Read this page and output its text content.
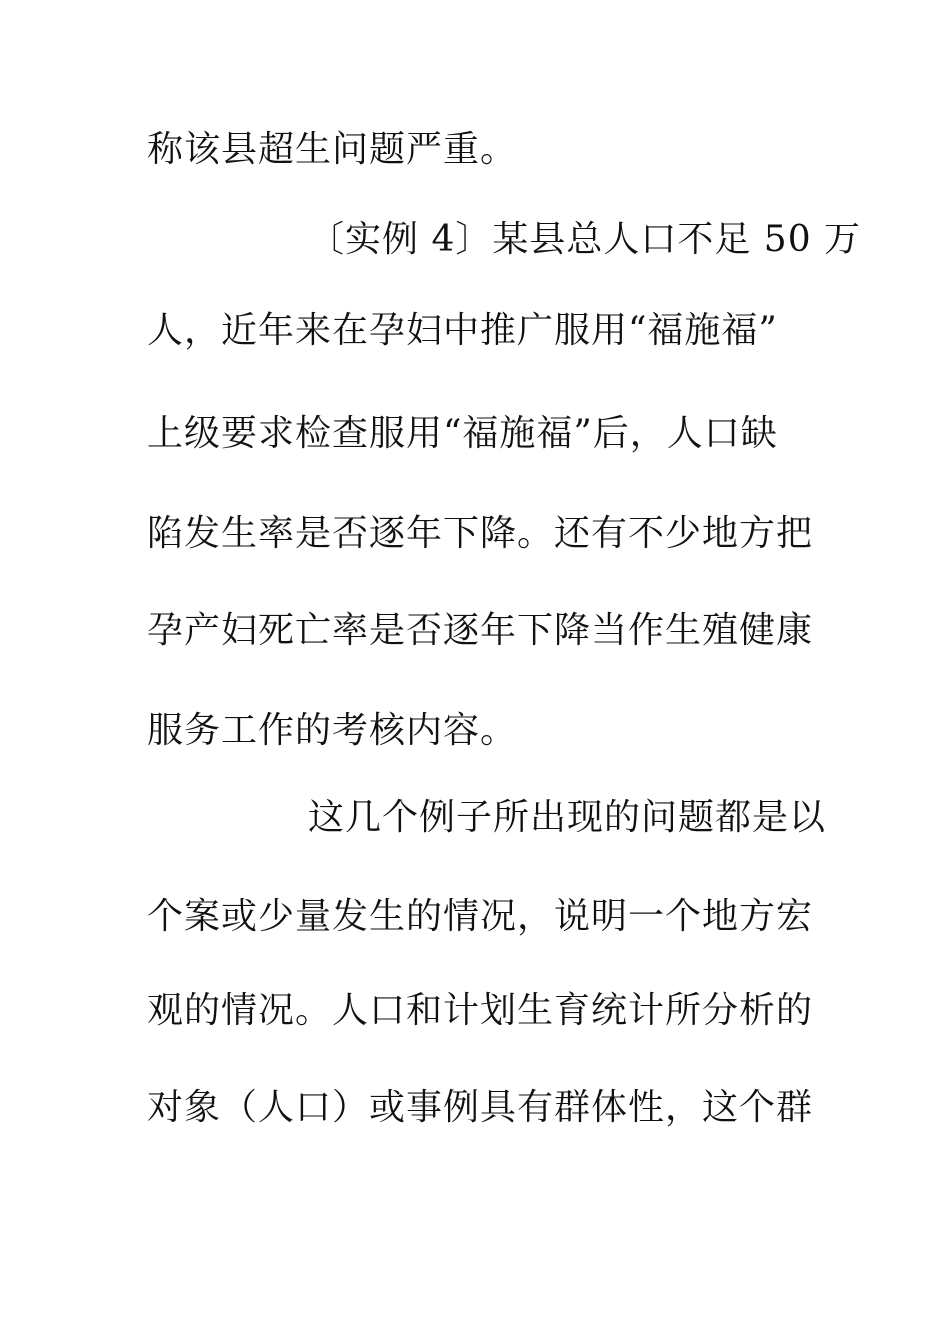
称该县超生问题严重。
〔实例 4〕某县总人口不足 50 万
人，近年来在孕妇中推广服用“福施福”
上级要求检查服用“福施福”后，人口缺
陷发生率是否逐年下降。还有不少地方把
孕产妇死亡率是否逐年下降当作生殖健康
服务工作的考核内容。
这几个例子所出现的问题都是以
个案或少量发生的情况，说明一个地方宏
观的情况。人口和计划生育统计所分析的
对象（人口）或事例具有群体性，这个群
